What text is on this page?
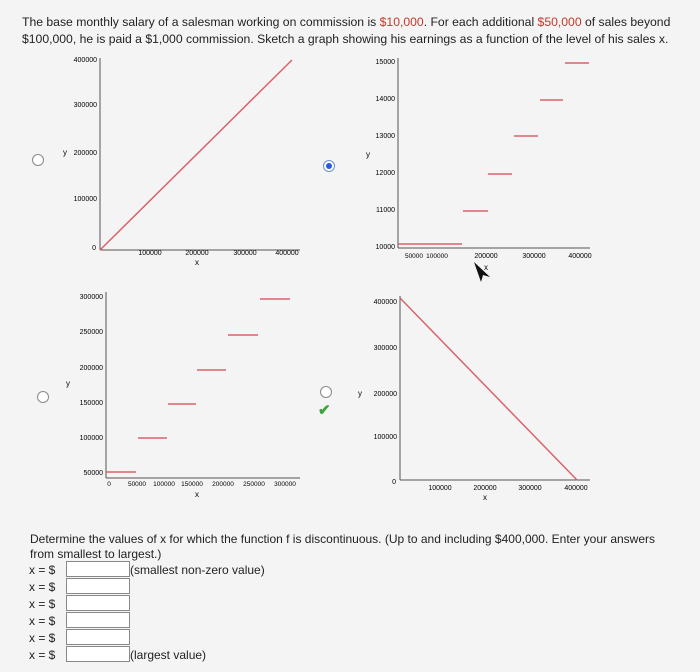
The base monthly salary of a salesman working on commission is $10,000. For each additional $50,000 of sales beyond $100,000, he is paid a $1,000 commission. Sketch a graph showing his earnings as a function of the level of his sales x.
✔
400000
300000
200000
100000
y
0
100000	200000	300000	400000
x
15000
14000
13000
12000
11000
10000
y
50000 100000	200000	300000	400000
x
300000
250000
200000
150000
100000
50000
y
0	50000 100000 150000 200000 250000 300000
x
400000
300000
200000
100000
y
0
100000	200000	300000	400000
x
Determine the values of x for which the function f is discontinuous. (Up to and including $400,000. Enter your answers from smallest to largest.)
x = $	(smallest non-zero value)
x = $
x = $
x = $
x = $
x = $	(largest value)
